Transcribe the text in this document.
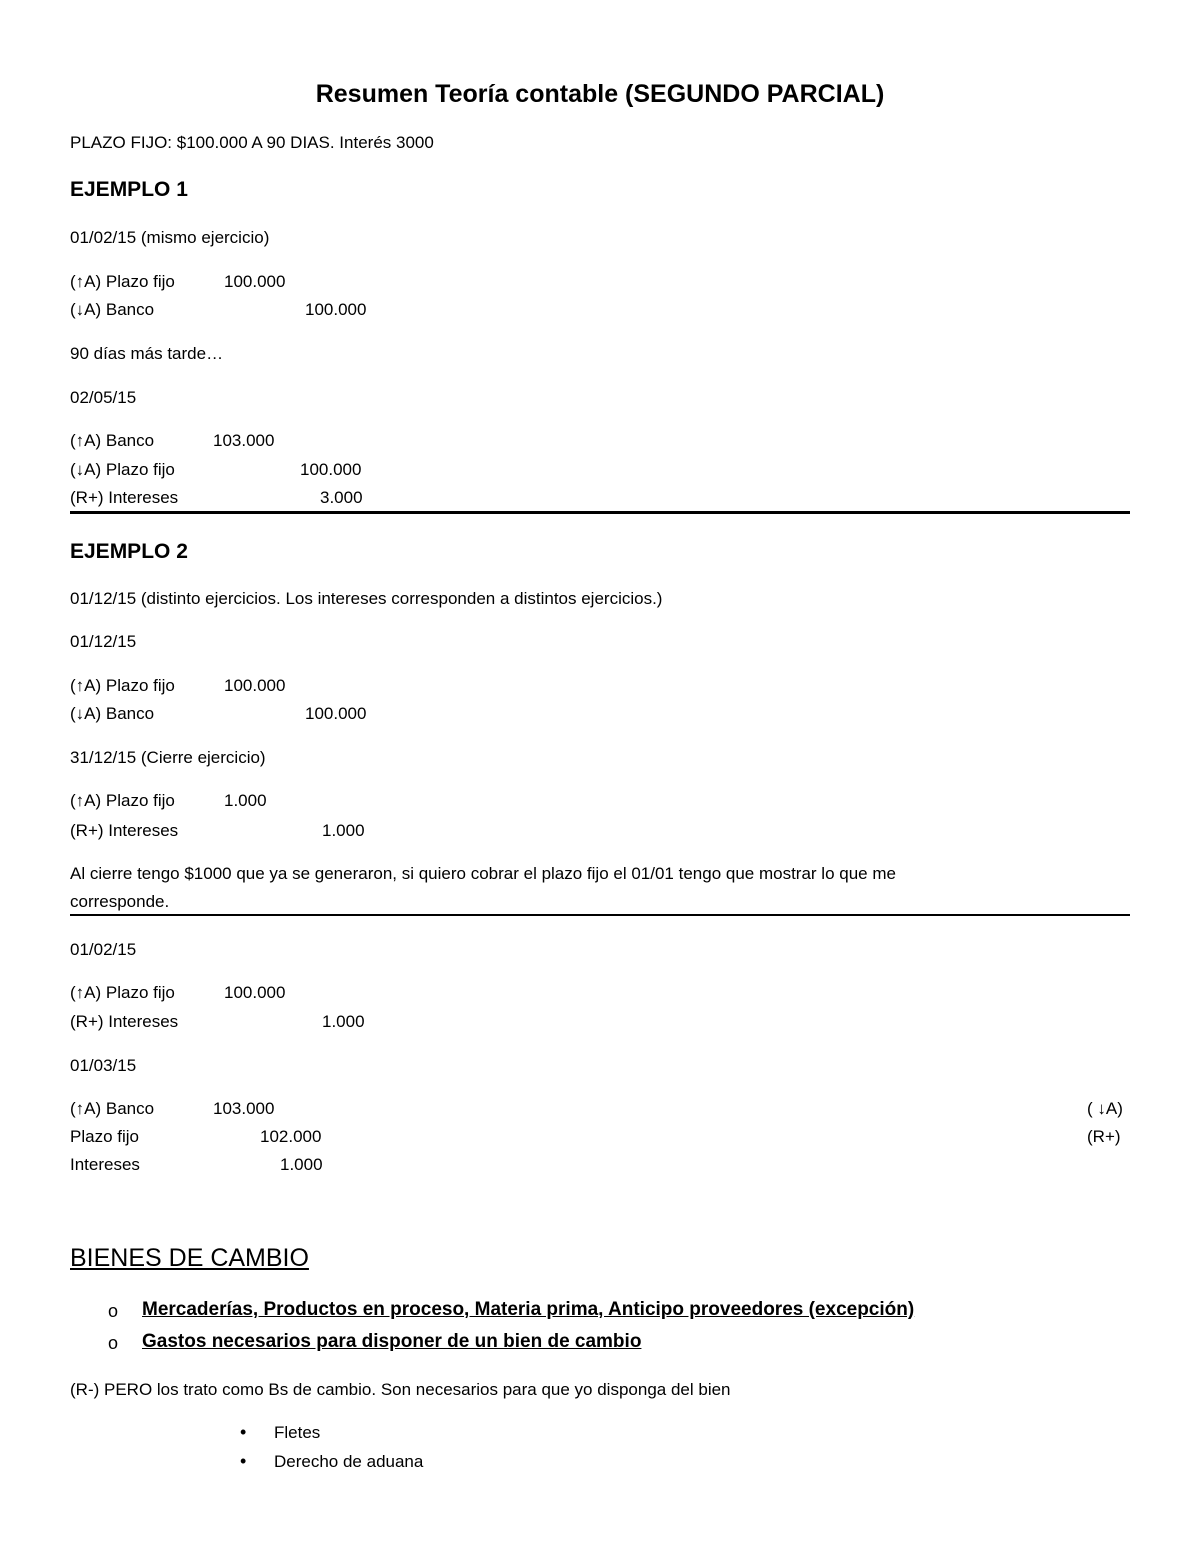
Resumen Teoría contable (SEGUNDO PARCIAL)
PLAZO FIJO: $100.000 A 90 DIAS. Interés 3000
EJEMPLO 1
01/02/15 (mismo ejercicio)
(↑A) Plazo fijo	100.000
(↓A) Banco	100.000
90 días más tarde…
02/05/15
(↑A) Banco	103.000
(↓A) Plazo fijo	100.000
(R+) Intereses	3.000
EJEMPLO 2
01/12/15 (distinto ejercicios. Los intereses corresponden a distintos ejercicios.)
01/12/15
(↑A) Plazo fijo	100.000
(↓A) Banco	100.000
31/12/15 (Cierre ejercicio)
(↑A) Plazo fijo	1.000
(R+) Intereses	1.000
Al cierre tengo $1000 que ya se generaron, si quiero cobrar el plazo fijo el 01/01 tengo que mostrar lo que me
corresponde.
01/02/15
(↑A) Plazo fijo	100.000
(R+) Intereses	1.000
01/03/15
(↑A) Banco	103.000	( ↓A)
Plazo fijo	102.000	(R+)
Intereses	1.000
BIENES DE CAMBIO
o Mercaderías, Productos en proceso, Materia prima, Anticipo proveedores (excepción)
o Gastos necesarios para disponer de un bien de cambio
(R-) PERO los trato como Bs de cambio. Son necesarios para que yo disponga del bien
• Fletes
• Derecho de aduana
